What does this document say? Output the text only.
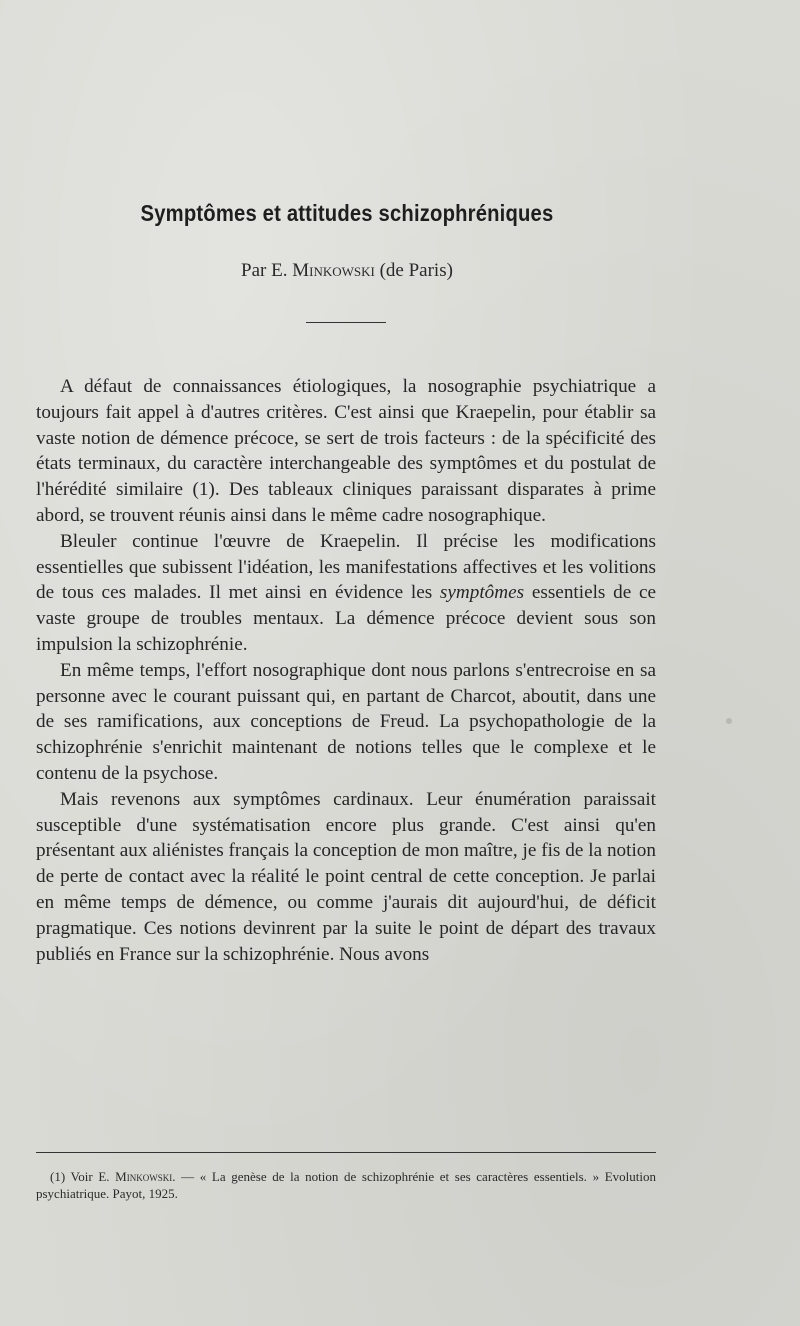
Symptômes et attitudes schizophréniques
Par E. Minkowski (de Paris)

A défaut de connaissances étiologiques, la nosographie psychiatrique a toujours fait appel à d'autres critères. C'est ainsi que Kraepelin, pour établir sa vaste notion de démence précoce, se sert de trois facteurs : de la spécificité des états terminaux, du caractère interchangeable des symptômes et du postulat de l'hérédité similaire (1). Des tableaux cliniques paraissant disparates à prime abord, se trouvent réunis ainsi dans le même cadre nosographique.

Bleuler continue l'œuvre de Kraepelin. Il précise les modifications essentielles que subissent l'idéation, les manifestations affectives et les volitions de tous ces malades. Il met ainsi en évidence les symptômes essentiels de ce vaste groupe de troubles mentaux. La démence précoce devient sous son impulsion la schizophrénie.

En même temps, l'effort nosographique dont nous parlons s'entrecroise en sa personne avec le courant puissant qui, en partant de Charcot, aboutit, dans une de ses ramifications, aux conceptions de Freud. La psychopathologie de la schizophrénie s'enrichit maintenant de notions telles que le complexe et le contenu de la psychose.

Mais revenons aux symptômes cardinaux. Leur énumération paraissait susceptible d'une systématisation encore plus grande. C'est ainsi qu'en présentant aux aliénistes français la conception de mon maître, je fis de la notion de perte de contact avec la réalité le point central de cette conception. Je parlai en même temps de démence, ou comme j'aurais dit aujourd'hui, de déficit pragmatique. Ces notions devinrent par la suite le point de départ des travaux publiés en France sur la schizophrénie. Nous avons

(1) Voir E. Minkowski. — « La genèse de la notion de schizophrénie et ses caractères essentiels. » Evolution psychiatrique. Payot, 1925.
